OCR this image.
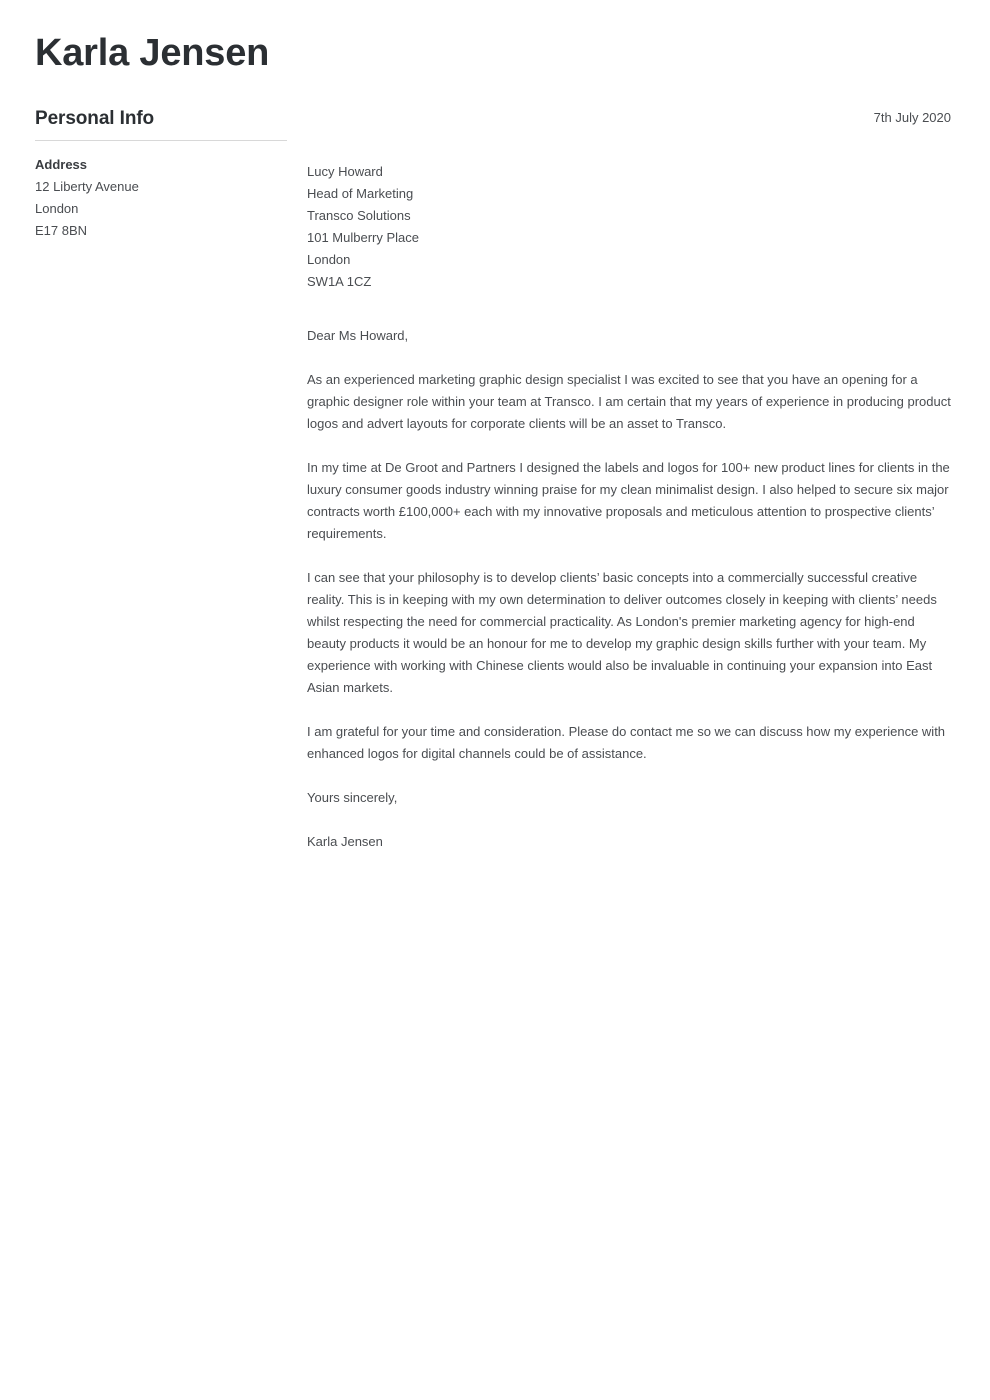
Karla Jensen
Personal Info
Address
12 Liberty Avenue
London
E17 8BN
7th July 2020
Lucy Howard
Head of Marketing
Transco Solutions
101 Mulberry Place
London
SW1A 1CZ
Dear Ms Howard,

As an experienced marketing graphic design specialist I was excited to see that you have an opening for a graphic designer role within your team at Transco. I am certain that my years of experience in producing product logos and advert layouts for corporate clients will be an asset to Transco.

In my time at De Groot and Partners I designed the labels and logos for 100+ new product lines for clients in the luxury consumer goods industry winning praise for my clean minimalist design. I also helped to secure six major contracts worth £100,000+ each with my innovative proposals and meticulous attention to prospective clients’ requirements.

I can see that your philosophy is to develop clients’ basic concepts into a commercially successful creative reality. This is in keeping with my own determination to deliver outcomes closely in keeping with clients’ needs whilst respecting the need for commercial practicality. As London's premier marketing agency for high-end beauty products it would be an honour for me to develop my graphic design skills further with your team. My experience with working with Chinese clients would also be invaluable in continuing your expansion into East Asian markets.

I am grateful for your time and consideration. Please do contact me so we can discuss how my experience with enhanced logos for digital channels could be of assistance.

Yours sincerely,
Karla Jensen
